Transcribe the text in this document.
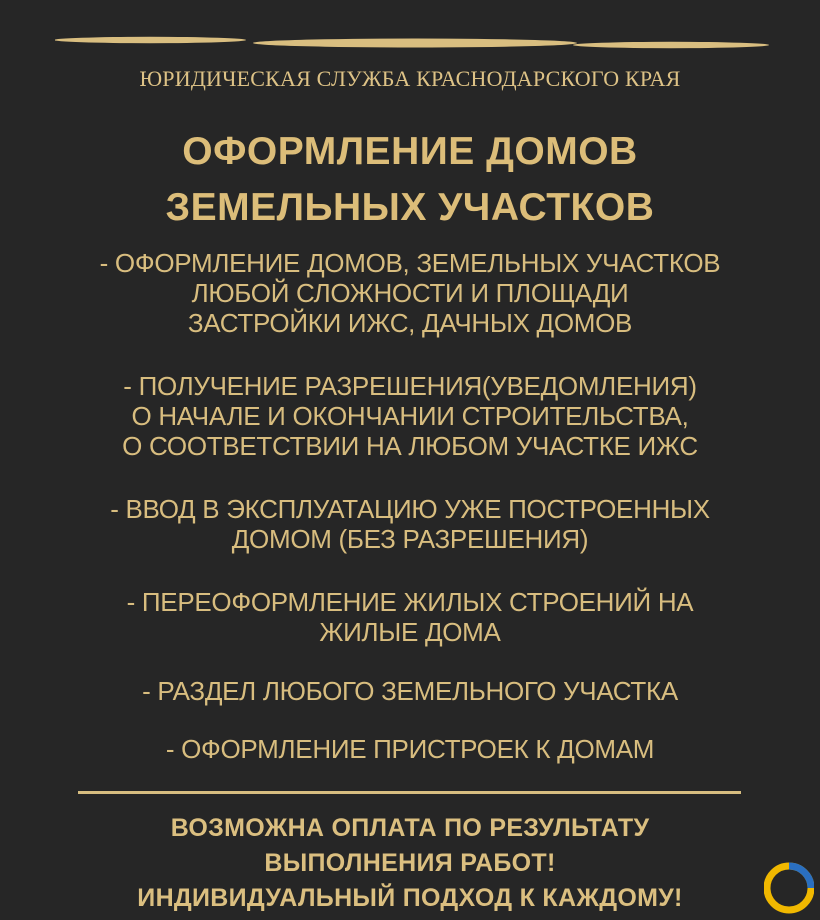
ЮРИДИЧЕСКАЯ СЛУЖБА КРАСНОДАРСКОГО КРАЯ
ОФОРМЛЕНИЕ ДОМОВ
ЗЕМЕЛЬНЫХ УЧАСТКОВ
- ОФОРМЛЕНИЕ ДОМОВ, ЗЕМЕЛЬНЫХ УЧАСТКОВ
ЛЮБОЙ СЛОЖНОСТИ И ПЛОЩАДИ
ЗАСТРОЙКИ ИЖС, ДАЧНЫХ ДОМОВ
- ПОЛУЧЕНИЕ РАЗРЕШЕНИЯ(УВЕДОМЛЕНИЯ)
О НАЧАЛЕ И ОКОНЧАНИИ СТРОИТЕЛЬСТВА,
О СООТВЕТСТВИИ НА ЛЮБОМ УЧАСТКЕ ИЖС
- ВВОД В ЭКСПЛУАТАЦИЮ УЖЕ ПОСТРОЕННЫХ
ДОМОМ (БЕЗ РАЗРЕШЕНИЯ)
- ПЕРЕОФОРМЛЕНИЕ ЖИЛЫХ СТРОЕНИЙ НА
ЖИЛЫЕ ДОМА
- РАЗДЕЛ ЛЮБОГО ЗЕМЕЛЬНОГО УЧАСТКА
- ОФОРМЛЕНИЕ ПРИСТРОЕК К ДОМАМ
ВОЗМОЖНА ОПЛАТА ПО РЕЗУЛЬТАТУ
ВЫПОЛНЕНИЯ РАБОТ!
ИНДИВИДУАЛЬНЫЙ ПОДХОД К КАЖДОМУ!
